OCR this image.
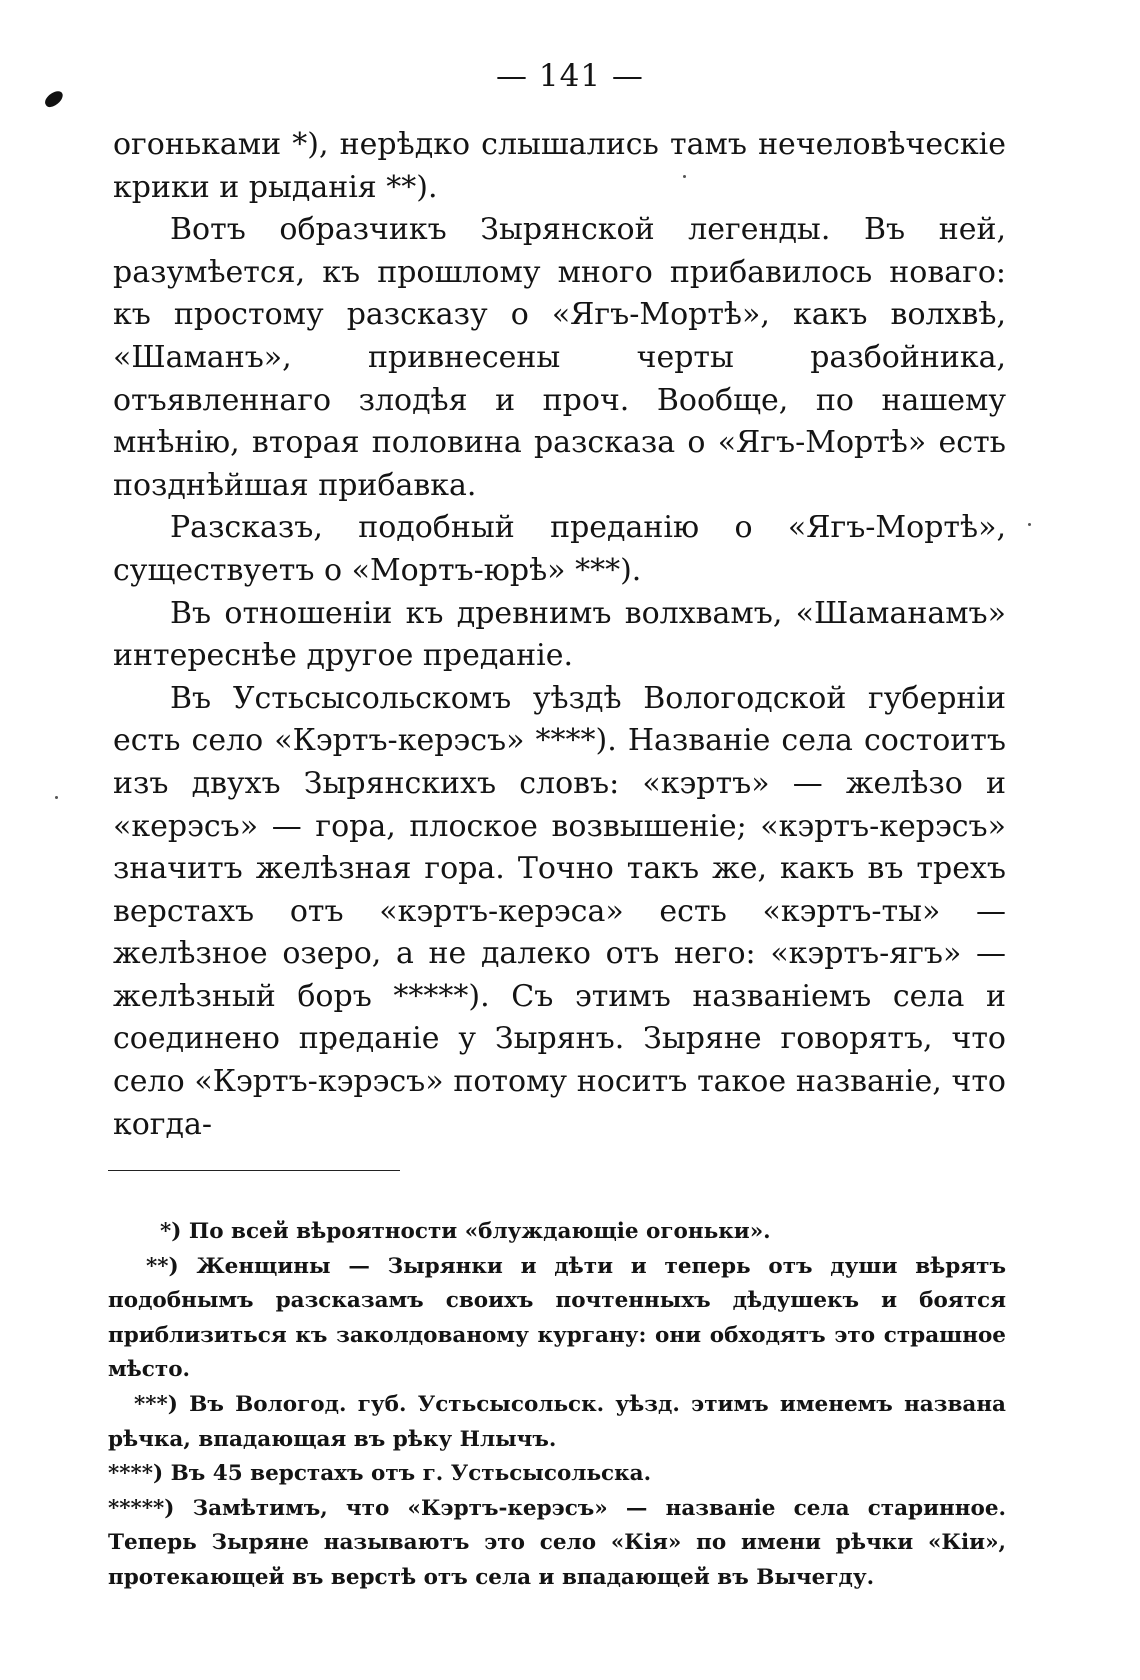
— 141 —

огоньками *), нерѣдко слышались тамъ нечеловѣческіе крики и рыданія **).

Вотъ образчикъ Зырянской легенды. Въ ней, разумѣется, къ прошлому много прибавилось новаго: къ простому разсказу о «Ягъ-Мортѣ», какъ волхвѣ, «Шаманъ», привнесены черты разбойника, отъявленнаго злодѣя и проч. Вообще, по нашему мнѣнію, вторая половина разсказа о «Ягъ-Мортѣ» есть позднѣйшая прибавка.

Разсказъ, подобный преданію о «Ягъ-Мортѣ», существуетъ о «Мортъ-юрѣ» ***).

Въ отношеніи къ древнимъ волхвамъ, «Шаманамъ» интереснѣе другое преданіе.

Въ Устьсысольскомъ уѣздѣ Вологодской губерніи есть село «Кэртъ-керэсъ» ****). Названіе села состоитъ изъ двухъ Зырянскихъ словъ: «кэртъ» — желѣзо и «керэсъ» — гора, плоское возвышеніе; «кэртъ-керэсъ» значитъ желѣзная гора. Точно такъ же, какъ въ трехъ верстахъ отъ «кэртъ-керэса» есть «кэртъ-ты» — желѣзное озеро, а не далеко отъ него: «кэртъ-ягъ» — желѣзный боръ *****). Съ этимъ названіемъ села и соединено преданіе у Зырянъ. Зыряне говорятъ, что село «Кэртъ-кэрэсъ» потому носитъ такое названіе, что когда-

*) По всей вѣроятности «блуждающіе огоньки».

**) Женщины — Зырянки и дѣти и теперь отъ души вѣрятъ подобнымъ разсказамъ своихъ почтенныхъ дѣдушекъ и боятся приблизиться къ заколдованому кургану: они обходятъ это страшное мѣсто.

***) Въ Вологод. губ. Устьсысольск. уѣзд. этимъ именемъ названа рѣчка, впадающая въ рѣку Нлычъ.

****) Въ 45 верстахъ отъ г. Устьсысольска.

*****) Замѣтимъ, что «Кэртъ-керэсъ» — названіе села старинное. Теперь Зыряне называютъ это село «Кія» по имени рѣчки «Кіи», протекающей въ верстѣ отъ села и впадающей въ Вычегду.
